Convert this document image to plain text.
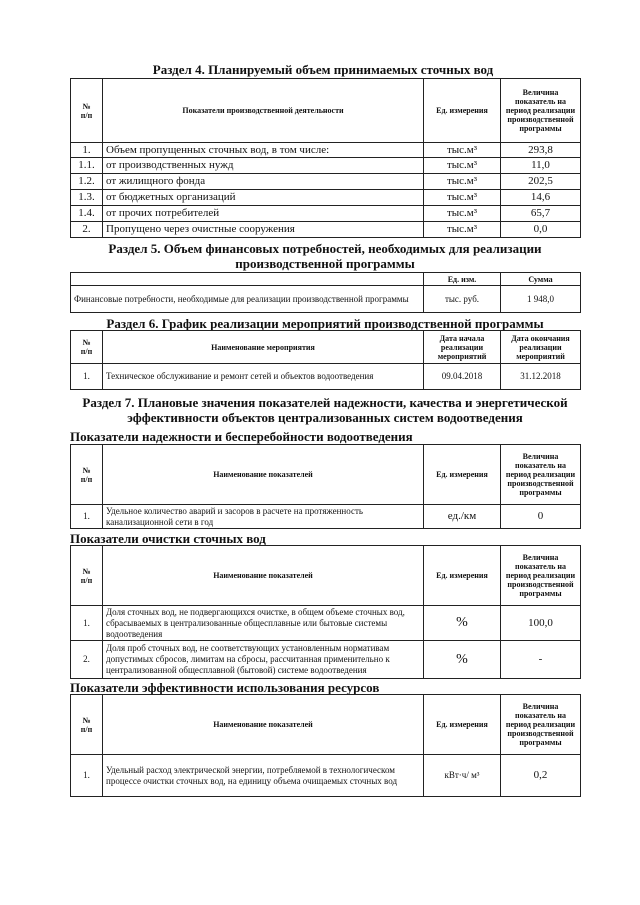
Раздел 4. Планируемый объем принимаемых сточных вод
№
п/п	Показатели производственной деятельности	Ед. измерения	Величина показатель на период реализации производственной программы
1.	Объем пропущенных сточных вод, в том числе:	тыс.м³	293,8
1.1.	от производственных нужд	тыс.м³	11,0
1.2.	от жилищного фонда	тыс.м³	202,5
1.3.	от бюджетных организаций	тыс.м³	14,6
1.4.	от прочих потребителей	тыс.м³	65,7
2.	Пропущено через очистные сооружения	тыс.м³	0,0
Раздел 5. Объем финансовых потребностей, необходимых для реализации производственной программы
	Ед. изм.	Сумма
Финансовые потребности, необходимые для реализации производственной программы	тыс. руб.	1 948,0
Раздел 6. График реализации мероприятий производственной программы
№
п/п	Наименование мероприятия	Дата начала реализации мероприятий	Дата окончания реализации мероприятий
1.	Техническое обслуживание и ремонт сетей и объектов водоотведения	09.04.2018	31.12.2018
Раздел 7. Плановые значения показателей надежности, качества и энергетической эффективности объектов централизованных систем водоотведения
Показатели надежности и бесперебойности водоотведения
№
п/п	Наименование показателей	Ед. измерения	Величина показатель на период реализации производственной программы
1.	Удельное количество аварий и засоров в расчете на протяженность канализационной сети в год	ед./км	0
Показатели очистки сточных вод
№
п/п	Наименование показателей	Ед. измерения	Величина показатель на период реализации производственной программы
1.	Доля сточных вод, не подвергающихся очистке, в общем объеме сточных вод, сбрасываемых в централизованные общесплавные или бытовые системы водоотведения	%	100,0
2.	Доля проб сточных вод, не соответствующих установленным нормативам допустимых сбросов, лимитам на сбросы, рассчитанная применительно к централизованной общесплавной (бытовой) системе водоотведения	%	-
Показатели эффективности использования ресурсов
№
п/п	Наименование показателей	Ед. измерения	Величина показатель на период реализации производственной программы
1.	Удельный расход электрической энергии, потребляемой в технологическом процессе очистки сточных вод, на единицу объема очищаемых сточных вод	кВт·ч/ м³	0,2
